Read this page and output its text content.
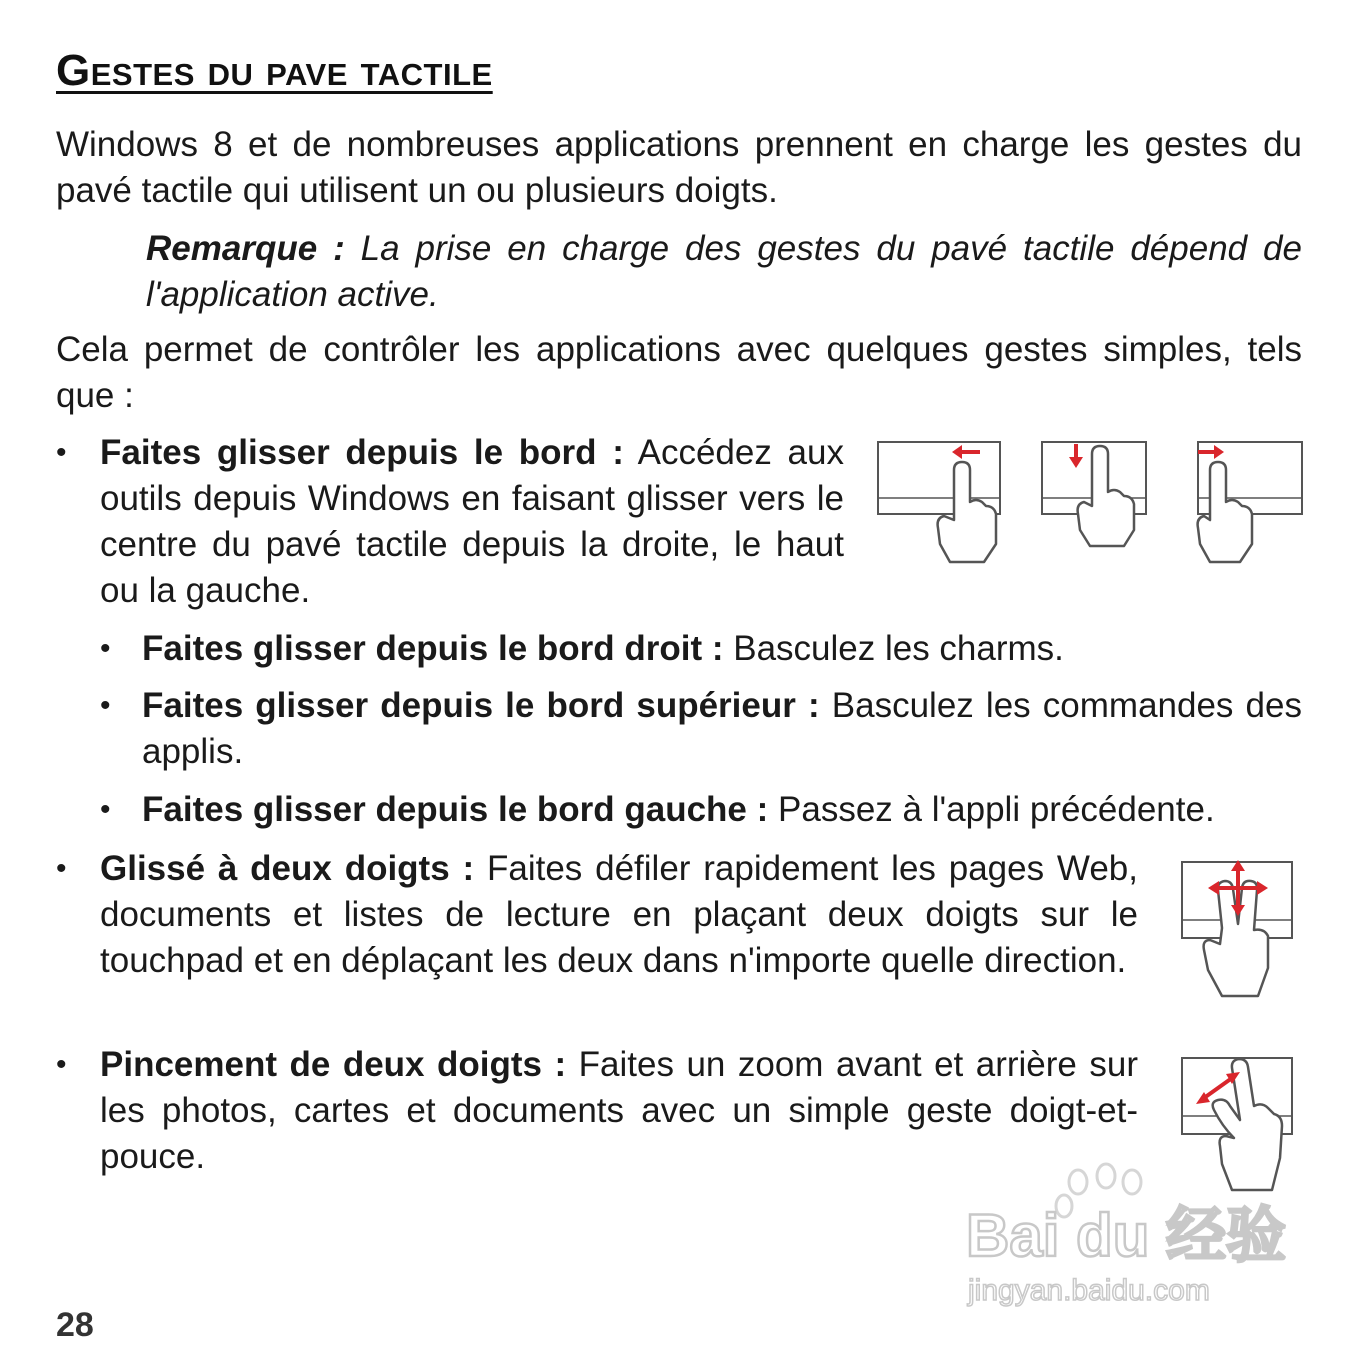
Gestes du pave tactile

Windows 8 et de nombreuses applications prennent en charge les gestes du pavé tactile qui utilisent un ou plusieurs doigts.

Remarque : La prise en charge des gestes du pavé tactile dépend de l'application active.

Cela permet de contrôler les applications avec quelques gestes simples, tels que :

• Faites glisser depuis le bord : Accédez aux outils depuis Windows en faisant glisser vers le centre du pavé tactile depuis la droite, le haut ou la gauche.

• Faites glisser depuis le bord droit : Basculez les charms.

• Faites glisser depuis le bord supérieur : Basculez les commandes des applis.

• Faites glisser depuis le bord gauche : Passez à l'appli précédente.

• Glissé à deux doigts : Faites défiler rapidement les pages Web, documents et listes de lecture en plaçant deux doigts sur le touchpad et en déplaçant les deux dans n'importe quelle direction.

• Pincement de deux doigts : Faites un zoom avant et arrière sur les photos, cartes et documents avec un simple geste doigt-et-pouce.

Bai du 经验
jingyan.baidu.com
28
